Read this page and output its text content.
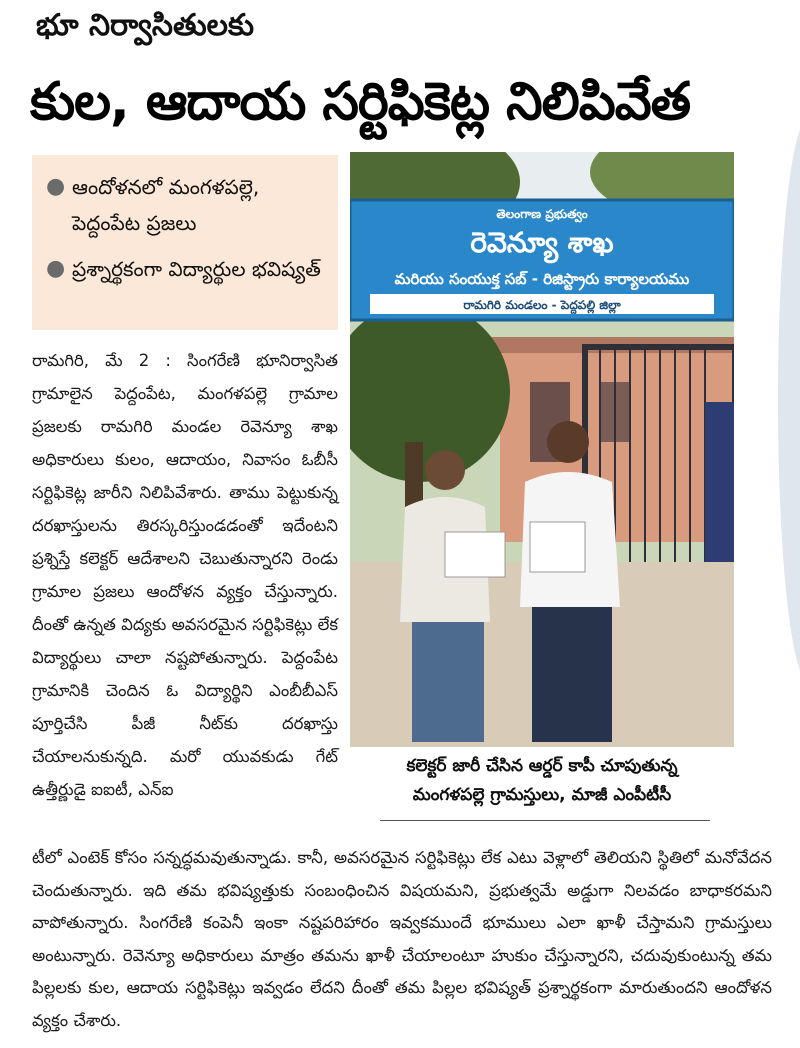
భూ నిర్వాసితులకు
కుల, ఆదాయ సర్టిఫికెట్ల నిలిపివేత
● ఆందోళనలో మంగళపల్లె, పెద్దంపేట ప్రజలు
● ప్రశ్నార్థకంగా విద్యార్థుల భవిష్యత్
తెలంగాణ ప్రభుత్వం
రెవెన్యూ శాఖ
మరియు సంయుక్త సబ్ - రిజిస్ట్రారు కార్యాలయము
రామగిరి మండలం - పెద్దపల్లి జిల్లా
కలెక్టర్ జారీ చేసిన ఆర్డర్ కాపీ చూపుతున్న
మంగళపల్లె గ్రామస్తులు, మాజీ ఎంపీటీసీ
రామగిరి, మే 2 : సింగరేణి భూనిర్వాసిత గ్రామాలైన పెద్దంపేట, మంగళపల్లె గ్రామాల ప్రజలకు రామగిరి మండల రెవెన్యూ శాఖ అధికారులు కులం, ఆదాయం, నివాసం ఓబీసీ సర్టిఫికెట్ల జారీని నిలిపివేశారు. తాము పెట్టుకున్న దరఖాస్తులను తిరస్కరిస్తుండడంతో ఇదేంటని ప్రశ్నిస్తే కలెక్టర్ ఆదేశాలని చెబుతున్నారని రెండు గ్రామాల ప్రజలు ఆందోళన వ్యక్తం చేస్తున్నారు. దీంతో ఉన్నత విద్యకు అవసరమైన సర్టిఫికెట్లు లేక విద్యార్థులు చాలా నష్టపోతున్నారు. పెద్దంపేట గ్రామానికి చెందిన ఓ విద్యార్థిని ఎంబీబీఎస్ పూర్తిచేసి పీజీ నీట్‌కు దరఖాస్తు చేయాలనుకున్నది. మరో యువకుడు గేట్ ఉత్తీర్ణుడై ఐఐటీ, ఎన్ఐ
టీలో ఎంటెక్ కోసం సన్నద్ధమవుతున్నాడు. కానీ, అవసరమైన సర్టిఫికెట్లు లేక ఎటు వెళ్లాలో తెలియని స్థితిలో మనోవేదన చెందుతున్నారు. ఇది తమ భవిష్యత్తుకు సంబంధించిన విషయమని, ప్రభుత్వమే అడ్డుగా నిలవడం బాధాకరమని వాపోతున్నారు. సింగరేణి కంపెనీ ఇంకా నష్టపరిహారం ఇవ్వకముందే భూములు ఎలా ఖాళీ చేస్తామని గ్రామస్తులు అంటున్నారు. రెవెన్యూ అధికారులు మాత్రం తమను ఖాళీ చేయాలంటూ హుకుం చేస్తున్నారని, చదువుకుంటున్న తమ పిల్లలకు కుల, ఆదాయ సర్టిఫికెట్లు ఇవ్వడం లేదని దీంతో తమ పిల్లల భవిష్యత్ ప్రశ్నార్థకంగా మారుతుందని ఆందోళన వ్యక్తం చేశారు.
